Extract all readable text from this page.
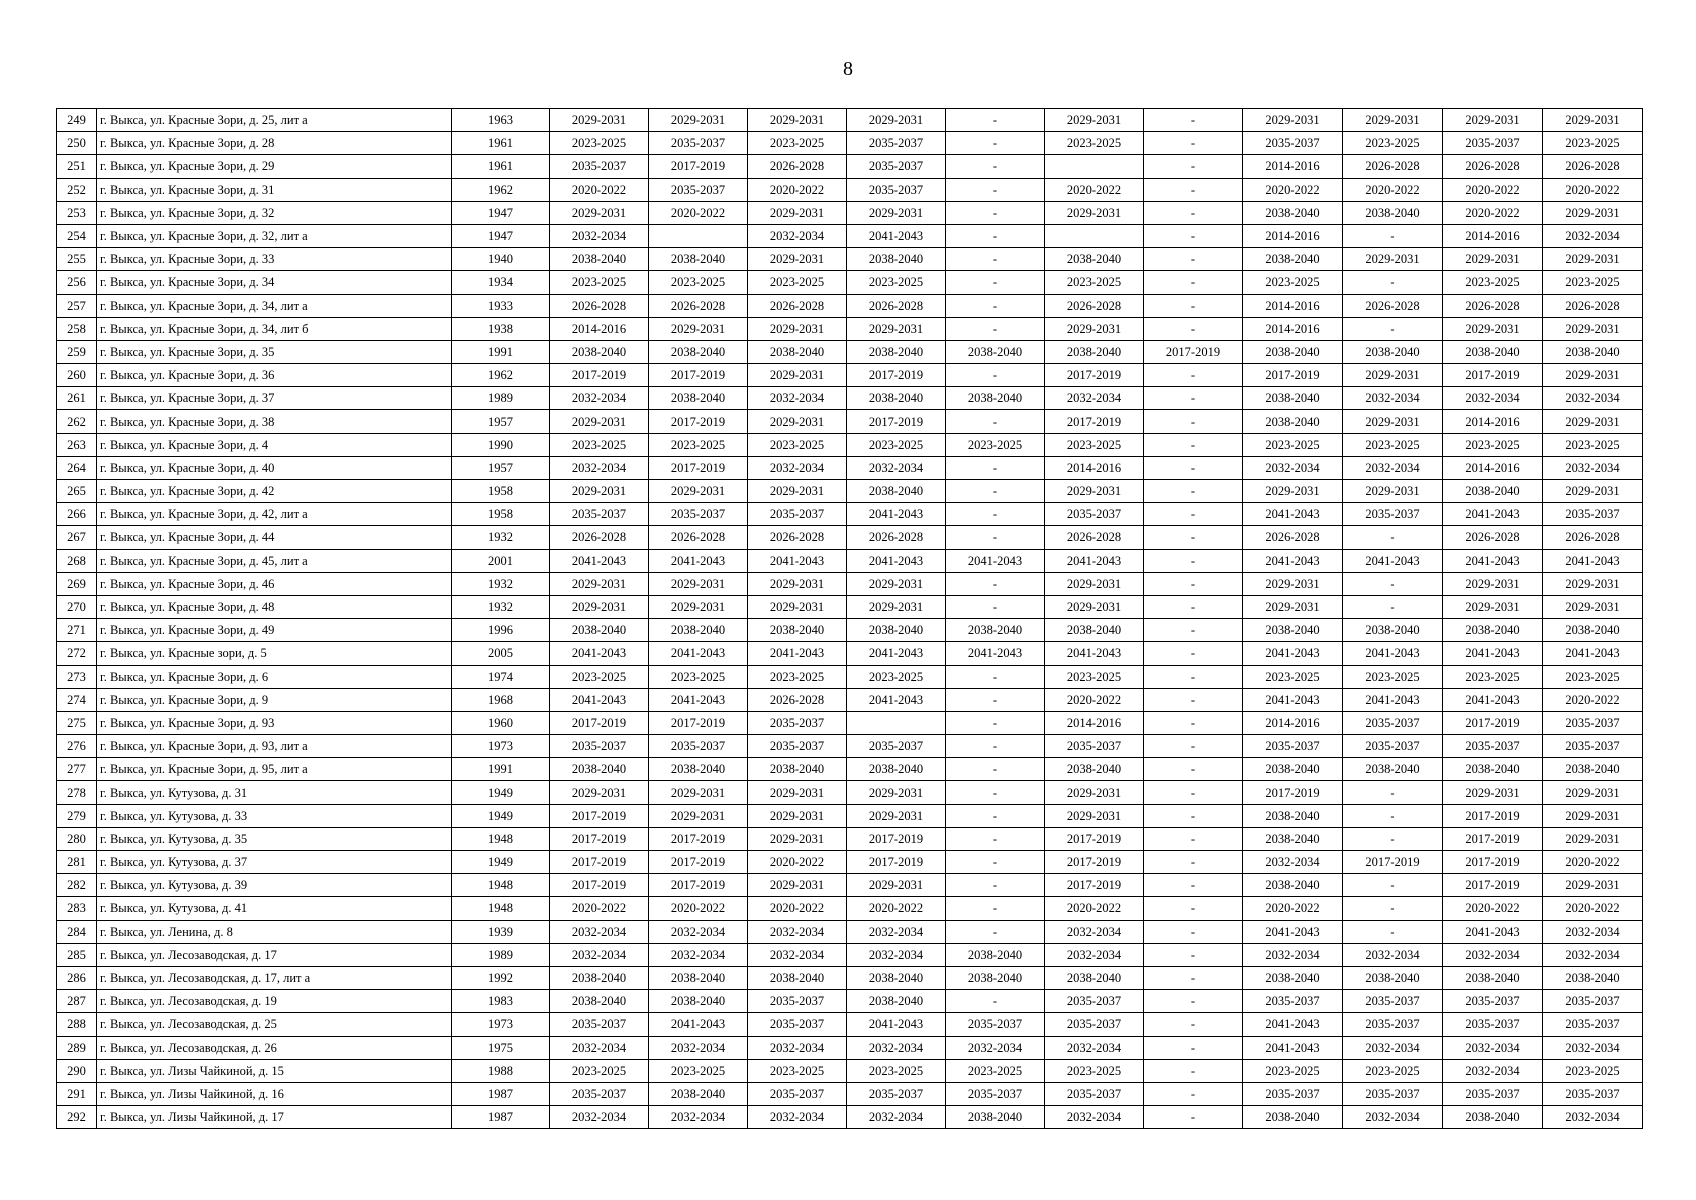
8
249	г. Выкса, ул. Красные Зори, д. 25, лит а	1963	2029-2031	2029-2031	2029-2031	2029-2031	-	2029-2031	-	2029-2031	2029-2031	2029-2031	2029-2031
250	г. Выкса, ул. Красные Зори, д. 28	1961	2023-2025	2035-2037	2023-2025	2035-2037	-	2023-2025	-	2035-2037	2023-2025	2035-2037	2023-2025
251	г. Выкса, ул. Красные Зори, д. 29	1961	2035-2037	2017-2019	2026-2028	2035-2037	-		-	2014-2016	2026-2028	2026-2028	2026-2028
252	г. Выкса, ул. Красные Зори, д. 31	1962	2020-2022	2035-2037	2020-2022	2035-2037	-	2020-2022	-	2020-2022	2020-2022	2020-2022	2020-2022
253	г. Выкса, ул. Красные Зори, д. 32	1947	2029-2031	2020-2022	2029-2031	2029-2031	-	2029-2031	-	2038-2040	2038-2040	2020-2022	2029-2031
254	г. Выкса, ул. Красные Зори, д. 32, лит а	1947	2032-2034		2032-2034	2041-2043	-		-	2014-2016	-	2014-2016	2032-2034
255	г. Выкса, ул. Красные Зори, д. 33	1940	2038-2040	2038-2040	2029-2031	2038-2040	-	2038-2040	-	2038-2040	2029-2031	2029-2031	2029-2031
256	г. Выкса, ул. Красные Зори, д. 34	1934	2023-2025	2023-2025	2023-2025	2023-2025	-	2023-2025	-	2023-2025	-	2023-2025	2023-2025
257	г. Выкса, ул. Красные Зори, д. 34, лит а	1933	2026-2028	2026-2028	2026-2028	2026-2028	-	2026-2028	-	2014-2016	2026-2028	2026-2028	2026-2028
258	г. Выкса, ул. Красные Зори, д. 34, лит б	1938	2014-2016	2029-2031	2029-2031	2029-2031	-	2029-2031	-	2014-2016	-	2029-2031	2029-2031
259	г. Выкса, ул. Красные Зори, д. 35	1991	2038-2040	2038-2040	2038-2040	2038-2040	2038-2040	2038-2040	2017-2019	2038-2040	2038-2040	2038-2040	2038-2040
260	г. Выкса, ул. Красные Зори, д. 36	1962	2017-2019	2017-2019	2029-2031	2017-2019	-	2017-2019	-	2017-2019	2029-2031	2017-2019	2029-2031
261	г. Выкса, ул. Красные Зори, д. 37	1989	2032-2034	2038-2040	2032-2034	2038-2040	2038-2040	2032-2034	-	2038-2040	2032-2034	2032-2034	2032-2034
262	г. Выкса, ул. Красные Зори, д. 38	1957	2029-2031	2017-2019	2029-2031	2017-2019	-	2017-2019	-	2038-2040	2029-2031	2014-2016	2029-2031
263	г. Выкса, ул. Красные Зори, д. 4	1990	2023-2025	2023-2025	2023-2025	2023-2025	2023-2025	2023-2025	-	2023-2025	2023-2025	2023-2025	2023-2025
264	г. Выкса, ул. Красные Зори, д. 40	1957	2032-2034	2017-2019	2032-2034	2032-2034	-	2014-2016	-	2032-2034	2032-2034	2014-2016	2032-2034
265	г. Выкса, ул. Красные Зори, д. 42	1958	2029-2031	2029-2031	2029-2031	2038-2040	-	2029-2031	-	2029-2031	2029-2031	2038-2040	2029-2031
266	г. Выкса, ул. Красные Зори, д. 42, лит а	1958	2035-2037	2035-2037	2035-2037	2041-2043	-	2035-2037	-	2041-2043	2035-2037	2041-2043	2035-2037
267	г. Выкса, ул. Красные Зори, д. 44	1932	2026-2028	2026-2028	2026-2028	2026-2028	-	2026-2028	-	2026-2028	-	2026-2028	2026-2028
268	г. Выкса, ул. Красные Зори, д. 45, лит а	2001	2041-2043	2041-2043	2041-2043	2041-2043	2041-2043	2041-2043	-	2041-2043	2041-2043	2041-2043	2041-2043
269	г. Выкса, ул. Красные Зори, д. 46	1932	2029-2031	2029-2031	2029-2031	2029-2031	-	2029-2031	-	2029-2031	-	2029-2031	2029-2031
270	г. Выкса, ул. Красные Зори, д. 48	1932	2029-2031	2029-2031	2029-2031	2029-2031	-	2029-2031	-	2029-2031	-	2029-2031	2029-2031
271	г. Выкса, ул. Красные Зори, д. 49	1996	2038-2040	2038-2040	2038-2040	2038-2040	2038-2040	2038-2040	-	2038-2040	2038-2040	2038-2040	2038-2040
272	г. Выкса, ул. Красные зори, д. 5	2005	2041-2043	2041-2043	2041-2043	2041-2043	2041-2043	2041-2043	-	2041-2043	2041-2043	2041-2043	2041-2043
273	г. Выкса, ул. Красные Зори, д. 6	1974	2023-2025	2023-2025	2023-2025	2023-2025	-	2023-2025	-	2023-2025	2023-2025	2023-2025	2023-2025
274	г. Выкса, ул. Красные Зори, д. 9	1968	2041-2043	2041-2043	2026-2028	2041-2043	-	2020-2022	-	2041-2043	2041-2043	2041-2043	2020-2022
275	г. Выкса, ул. Красные Зори, д. 93	1960	2017-2019	2017-2019	2035-2037		-	2014-2016	-	2014-2016	2035-2037	2017-2019	2035-2037
276	г. Выкса, ул. Красные Зори, д. 93, лит а	1973	2035-2037	2035-2037	2035-2037	2035-2037	-	2035-2037	-	2035-2037	2035-2037	2035-2037	2035-2037
277	г. Выкса, ул. Красные Зори, д. 95, лит а	1991	2038-2040	2038-2040	2038-2040	2038-2040	-	2038-2040	-	2038-2040	2038-2040	2038-2040	2038-2040
278	г. Выкса, ул. Кутузова, д. 31	1949	2029-2031	2029-2031	2029-2031	2029-2031	-	2029-2031	-	2017-2019	-	2029-2031	2029-2031
279	г. Выкса, ул. Кутузова, д. 33	1949	2017-2019	2029-2031	2029-2031	2029-2031	-	2029-2031	-	2038-2040	-	2017-2019	2029-2031
280	г. Выкса, ул. Кутузова, д. 35	1948	2017-2019	2017-2019	2029-2031	2017-2019	-	2017-2019	-	2038-2040	-	2017-2019	2029-2031
281	г. Выкса, ул. Кутузова, д. 37	1949	2017-2019	2017-2019	2020-2022	2017-2019	-	2017-2019	-	2032-2034	2017-2019	2017-2019	2020-2022
282	г. Выкса, ул. Кутузова, д. 39	1948	2017-2019	2017-2019	2029-2031	2029-2031	-	2017-2019	-	2038-2040	-	2017-2019	2029-2031
283	г. Выкса, ул. Кутузова, д. 41	1948	2020-2022	2020-2022	2020-2022	2020-2022	-	2020-2022	-	2020-2022	-	2020-2022	2020-2022
284	г. Выкса, ул. Ленина, д. 8	1939	2032-2034	2032-2034	2032-2034	2032-2034	-	2032-2034	-	2041-2043	-	2041-2043	2032-2034
285	г. Выкса, ул. Лесозаводская, д. 17	1989	2032-2034	2032-2034	2032-2034	2032-2034	2038-2040	2032-2034	-	2032-2034	2032-2034	2032-2034	2032-2034
286	г. Выкса, ул. Лесозаводская, д. 17, лит а	1992	2038-2040	2038-2040	2038-2040	2038-2040	2038-2040	2038-2040	-	2038-2040	2038-2040	2038-2040	2038-2040
287	г. Выкса, ул. Лесозаводская, д. 19	1983	2038-2040	2038-2040	2035-2037	2038-2040	-	2035-2037	-	2035-2037	2035-2037	2035-2037	2035-2037
288	г. Выкса, ул. Лесозаводская, д. 25	1973	2035-2037	2041-2043	2035-2037	2041-2043	2035-2037	2035-2037	-	2041-2043	2035-2037	2035-2037	2035-2037
289	г. Выкса, ул. Лесозаводская, д. 26	1975	2032-2034	2032-2034	2032-2034	2032-2034	2032-2034	2032-2034	-	2041-2043	2032-2034	2032-2034	2032-2034
290	г. Выкса, ул. Лизы Чайкиной, д. 15	1988	2023-2025	2023-2025	2023-2025	2023-2025	2023-2025	2023-2025	-	2023-2025	2023-2025	2032-2034	2023-2025
291	г. Выкса, ул. Лизы Чайкиной, д. 16	1987	2035-2037	2038-2040	2035-2037	2035-2037	2035-2037	2035-2037	-	2035-2037	2035-2037	2035-2037	2035-2037
292	г. Выкса, ул. Лизы Чайкиной, д. 17	1987	2032-2034	2032-2034	2032-2034	2032-2034	2038-2040	2032-2034	-	2038-2040	2032-2034	2038-2040	2032-2034
